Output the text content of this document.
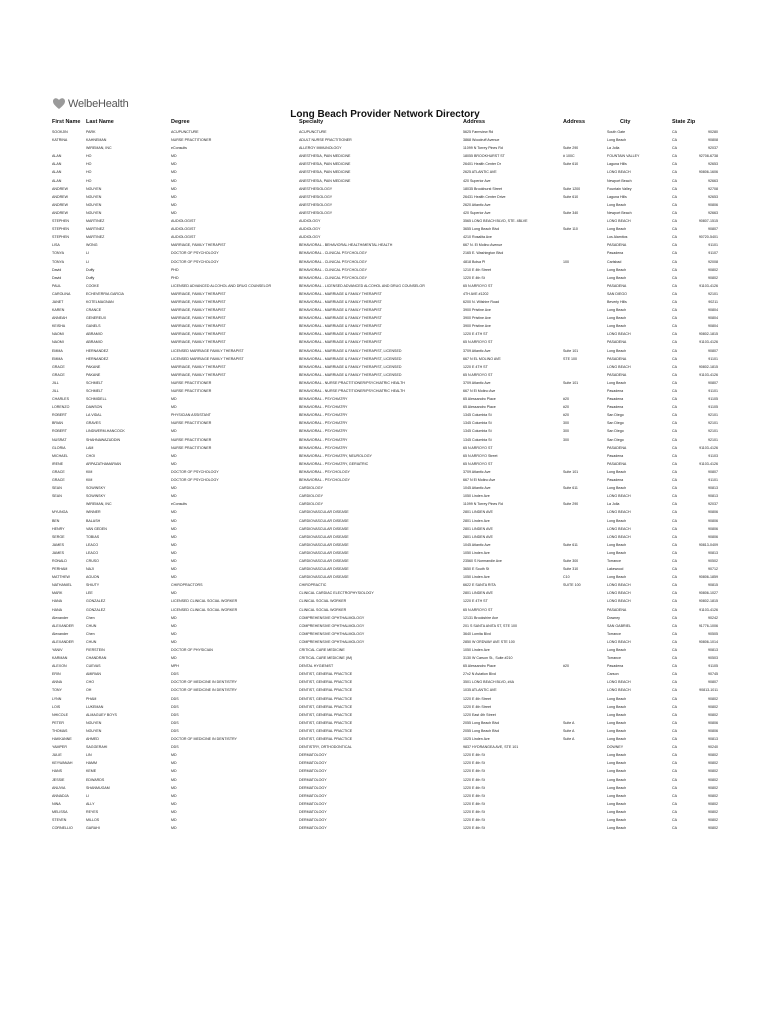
WelbeHealth
Long Beach Provider Network Directory
First Name Last Name	Degree	Specialty	Address	Address	City	State Zip
SOOKJIN	PARK	ACUPUNCTURE	ACUPUNCTURE	5625 Farmview Rd	South Gate	CA	90280
KATRINA	KAHNEMAN	NURSE PRACTITIONER	ADULT NURSE PRACTITIONER	3868 Woodruff Avenue	Long Beach	CA	90808
WIREMAN, INC	eConsults	ALLERGY IMMUNOLOGY	11099 N Torrey Pines Rd	Suite 290	La Jolla	CA	92037
ALAN	HO	MD	ANESTHESIA, PAIN MEDICINE	18055 BROOKHURST ST	# 100C	FOUNTAIN VALLEY	CA	92708-6738
ALAN	HO	MD	ANESTHESIA, PAIN MEDICINE	26401 Health Center Dr	Suite 610	Laguna Hills	CA	92653
ALAN	HO	MD	ANESTHESIA, PAIN MEDICINE	2625 ATLANTIC AVE	LONG BEACH	CA	90806-1606
ALAN	HO	MD	ANESTHESIA, PAIN MEDICINE	420 Superior Ave	Newport Beach	CA	92663
ANDREW	NGUYEN	MD	ANESTHESIOLOGY	18035 Brookhurst Street	Suite 1200	Fountain Valley	CA	92708
ANDREW	NGUYEN	MD	ANESTHESIOLOGY	26431 Health Center Drive	Suite 610	Laguna Hills	CA	92653
ANDREW	NGUYEN	MD	ANESTHESIOLOGY	2620 Atlantic Ave	Long Beach	CA	90806
ANDREW	NGUYEN	MD	ANESTHESIOLOGY	420 Superior Ave	Suite 340	Newport Beach	CA	92663
STEPHEN	MARTINEZ	AUDIOLOGIST	AUDIOLOGY	3565 LONG BEACH BLVD, STE. 4BLVE	LONG BEACH	CA	90807-1515
STEPHEN	MARTINEZ	AUDIOLOGIST	AUDIOLOGY	3655 Long Beach Blvd	Suite 110	Long Beach	CA	90807
STEPHEN	MARTINEZ	AUDIOLOGIST	AUDIOLOGY	4210 Rosalita Ave	Los Alamitos	CA	90720-5401
LISA	WONG	MARRIAGE, FAMILY THERAPIST	BEHAVIORAL - BEHAVIORAL HEALTH/MENTAL HEALTH	667 N. El Molino Avenue	PASADENA	CA	91101
TONYA	LI	DOCTOR OF PSYCHOLOGY	BEHAVIORAL - CLINICAL PSYCHOLOGY	2165 E. Washington Blvd	Pasadena	CA	91107
TONYA	LI	DOCTOR OF PSYCHOLOGY	BEHAVIORAL - CLINICAL PSYCHOLOGY	4818 Bolsa Pl	100	Carlsbad	CA	92008
David	Duffy	PHD	BEHAVIORAL - CLINICAL PSYCHOLOGY	1210 E 4th Street	Long Beach	CA	90802
David	Duffy	PHD	BEHAVIORAL - CLINICAL PSYCHOLOGY	1220 E 4th St	Long Beach	CA	90802
PAUL	COOKE	LICENSED ADVANCED ALCOHOL AND DRUG COUNSELOR	BEHAVIORAL - LICENSED ADVANCED ALCOHOL AND DRUG COUNSELOR	65 N ARROYO ST	PASADENA	CA	91103-4126
CAROLINA	ECHEVERRIA GARCIA	MARRIAGE, FAMILY THERAPIST	BEHAVIORAL - MARRIAGE & FAMILY THERAPIST	4TH AVE #1202	SAN DIEGO	CA	92101
JANET	KOTELMAGNAN	MARRIAGE, FAMILY THERAPIST	BEHAVIORAL - MARRIAGE & FAMILY THERAPIST	6200 N. Wilshire Road	Beverly Hills	CA	90211
KAREN	CRANCE	MARRIAGE, FAMILY THERAPIST	BEHAVIORAL - MARRIAGE & FAMILY THERAPIST	3900 Pristine Ave	Long Beach	CA	90804
ANNEAH	GENEREUX	MARRIAGE, FAMILY THERAPIST	BEHAVIORAL - MARRIAGE & FAMILY THERAPIST	3900 Pristine Ave	Long Beach	CA	90804
KEISHA	GANELS	MARRIAGE, FAMILY THERAPIST	BEHAVIORAL - MARRIAGE & FAMILY THERAPIST	3900 Pristine Ave	Long Beach	CA	90804
NAOMI	ABRAMIO	MARRIAGE, FAMILY THERAPIST	BEHAVIORAL - MARRIAGE & FAMILY THERAPIST	1220 E 4TH ST	LONG BEACH	CA	90802-1815
NAOMI	ABRAMIO	MARRIAGE, FAMILY THERAPIST	BEHAVIORAL - MARRIAGE & FAMILY THERAPIST	65 N ARROYO ST	PASADENA	CA	91103-4126
EMMA	HERNANDEZ	LICENSED MARRIAGE FAMILY THERAPIST	BEHAVIORAL - MARRIAGE & FAMILY THERAPIST, LICENSED	3709 Atlantic Ave	Suite 101	Long Beach	CA	90807
EMMA	HERNANDEZ	LICENSED MARRIAGE FAMILY THERAPIST	BEHAVIORAL - MARRIAGE & FAMILY THERAPIST, LICENSED	667 N EL MOLINO AVE	STE 100	PASADENA	CA	91101
GRACE	PAKANE	MARRIAGE, FAMILY THERAPIST	BEHAVIORAL - MARRIAGE & FAMILY THERAPIST, LICENSED	1220 E 4TH ST	LONG BEACH	CA	90802-1815
GRACE	PAKANE	MARRIAGE, FAMILY THERAPIST	BEHAVIORAL - MARRIAGE & FAMILY THERAPIST, LICENSED	65 N ARROYO ST	PASADENA	CA	91103-4126
JILL	SCHMELT	NURSE PRACTITIONER	BEHAVIORAL - NURSE PRACTITIONER/PSYCHIATRIC HEALTH	3709 Atlantic Ave	Suite 101	Long Beach	CA	90807
JILL	SCHMELT	NURSE PRACTITIONER	BEHAVIORAL - NURSE PRACTITIONER/PSYCHIATRIC HEALTH	667 N El Molino Ave	Pasadena	CA	91101
CHARLES	SCHMIDELL	MD	BEHAVIORAL - PSYCHIATRY	65 Alessandro Place	#20	Pasadena	CA	91105
LORENZO	DAWSON	MD	BEHAVIORAL - PSYCHIATRY	65 Alessandro Place	#20	Pasadena	CA	91105
ROBERT	LA VIDAL	PHYSICIAN ASSISTANT	BEHAVIORAL - PSYCHIATRY	1345 Columbia St	#20	San Diego	CA	92101
BRIAN	GRAVES	NURSE PRACTITIONER	BEHAVIORAL - PSYCHIATRY	1345 Columbia St	300	San Diego	CA	92101
ROBERT	LINDWERM-HANCOCK	MD	BEHAVIORAL - PSYCHIATRY	1345 Columbia St	300	San Diego	CA	92101
NUSRAT	SHAHNAWAZUDDIN	NURSE PRACTITIONER	BEHAVIORAL - PSYCHIATRY	1345 Columbia St	300	San Diego	CA	92101
GLORIA	LAM	NURSE PRACTITIONER	BEHAVIORAL - PSYCHIATRY	65 N ARROYO ST	PASADENA	CA	91103-4126
MICHAEL	CHOI	MD	BEHAVIORAL - PSYCHIATRY, NEUROLOGY	65 N ARROYO Street	Pasadena	CA	91103
IRENE	ARPAZATHAMARIAN	MD	BEHAVIORAL - PSYCHIATRY, GERIATRIC	65 N ARROYO ST	PASADENA	CA	91103-4126
GRACE	KIM	DOCTOR OF PSYCHOLOGY	BEHAVIORAL - PSYCHOLOGY	3709 Atlantic Ave	Suite 101	Long Beach	CA	90807
GRACE	KIM	DOCTOR OF PSYCHOLOGY	BEHAVIORAL - PSYCHOLOGY	667 N El Molino Ave	Pasadena	CA	91101
SEAN	SOWINSKY	MD	CARDIOLOGY	1045 Atlantic Ave	Suite 611	Long Beach	CA	90813
SEAN	SOWINSKY	MD	CARDIOLOGY	1050 Linden Ave	LONG BEACH	CA	90813
WIREMAN, INC	eConsults	CARDIOLOGY	11099 N Torrey Pines Rd	Suite 290	La Jolla	CA	92037
MYUNGA	WINNER	MD	CARDIOVASCULAR DISEASE	2801 LINDEN AVE	LONG BEACH	CA	90806
BEN	BALASH	MD	CARDIOVASCULAR DISEASE	2801 Linden Ave	Long Beach	CA	90806
HENRY	VAN GEDEN	MD	CARDIOVASCULAR DISEASE	2801 LINDEN AVE	LONG BEACH	CA	90806
SERGE	TOBIAS	MD	CARDIOVASCULAR DISEASE	2801 LINDEN AVE	LONG BEACH	CA	90806
JAMES	LEACO	MD	CARDIOVASCULAR DISEASE	1045 Atlantic Ave	Suite 611	Long Beach	CA	90813-0409
JAMES	LEACO	MD	CARDIOVASCULAR DISEASE	1050 Linden Ave	Long Beach	CA	90813
RONALD	CRUSO	MD	CARDIOVASCULAR DISEASE	23560 S Normandie Ave	Suite 300	Torrance	CA	90502
PERHAM	NAJI	MD	CARDIOVASCULAR DISEASE	3650 E South St	Suite 310	Lakewood	CA	90712
MATTHEW	AGUON	MD	CARDIOVASCULAR DISEASE	1050 Linden Ave	C10	Long Beach	CA	90806-1859
NATHANIEL	SHIUTY	CHIROPRACTORS	CHIROPRACTIC	6622 E SANTA RITA	SUITE 100	LONG BEACH	CA	90815
MARK	LEE	MD	CLINICAL CARDIAC ELECTROPHYSIOLOGY	2801 LINDEN AVE	LONG BEACH	CA	90806-1027
HANA	GONZALEZ	LICENSED CLINICAL SOCIAL WORKER	CLINICAL SOCIAL WORKER	1220 E 4TH ST	LONG BEACH	CA	90802-1815
HANA	GONZALEZ	LICENSED CLINICAL SOCIAL WORKER	CLINICAL SOCIAL WORKER	65 N ARROYO ST	PASADENA	CA	91103-4126
Alexander	Chen	MD	COMPREHENSIVE OPHTHALMOLOGY	12131 Brookshire Ave	Downey	CA	90242
ALEXANDER	CHUN	MD	COMPREHENSIVE OPHTHALMOLOGY	201 S SANTA ANITA ST, STE 100	SAN GABRIEL	CA	91776-1006
Alexander	Chen	MD	COMPREHENSIVE OPHTHALMOLOGY	3640 Lomita Blvd	Torrance	CA	90505
ALEXANDER	CHUN	MD	COMPREHENSIVE OPHTHALMOLOGY	2850 W ORDWAY AVE STE 100	LONG BEACH	CA	90806-1014
YANIV	FIERSTEIN	DOCTOR OF PHYSICIAN	CRITICAL CARE MEDICINE	1050 Linden Ave	Long Beach	CA	90813
KARMAN	CHANDRAN	MD	CRITICAL CARE MEDICINE (IM)	3130 W Carson St., Suite #210	Torrance	CA	90503
ALEXON	CUEVAS	MPH	DENTAL HYGIENIST	65 Alessandro Place	#20	Pasadena	CA	91105
ERIN	AMIRIAN	DDS	DENTIST, GENERAL PRACTICE	27x2 N Aviation Blvd	Carson	CA	90745
ANNA	CHO	DOCTOR OF MEDICINE IN DENTISTRY	DENTIST, GENERAL PRACTICE	3501 LONG BEACH BLVD, #4A	LONG BEACH	CA	90807
TONY	OH	DOCTOR OF MEDICINE IN DENTISTRY	DENTIST, GENERAL PRACTICE	1035 ATLANTIC AVE	LONG BEACH	CA	90813-1011
LYNN	PHAM	DDS	DENTIST, GENERAL PRACTICE	1220 E 4th Street	Long Beach	CA	90802
LOIS	LUKEMAN	DDS	DENTIST, GENERAL PRACTICE	1220 E 4th Street	Long Beach	CA	90802
NHICOLE	ALMAGUEY BOYS	DDS	DENTIST, GENERAL PRACTICE	1220 East 4th Street	Long Beach	CA	90802
PETER	NGUYEN	DDS	DENTIST, GENERAL PRACTICE	2055 Long Beach Blvd	Suite A	Long Beach	CA	90806
THOMAS	NGUYEN	DDS	DENTIST, GENERAL PRACTICE	2055 Long Beach Blvd	Suite A	Long Beach	CA	90806
HAKKANNE	AHMED	DOCTOR OF MEDICINE IN DENTISTRY	DENTIST, GENERAL PRACTICE	1025 Linden Ave	Suite A	Long Beach	CA	90813
YAMPER	SAGGERAHI	DDS	DENTISTRY, ORTHODONTICAL	9837 HYDRANGEA AVE, STE 101	DOWNEY	CA	90240
JULIE	LIN	MD	DERMATOLOGY	1220 E 4th St	Long Beach	CA	90802
KEYWANAH	HAMM	MD	DERMATOLOGY	1220 E 4th St	Long Beach	CA	90802
HANS	KEME	MD	DERMATOLOGY	1220 E 4th St	Long Beach	CA	90802
JESSIE	EDWARDS	MD	DERMATOLOGY	1220 E 4th St	Long Beach	CA	90802
ANUVIA	SHANMUGAM	MD	DERMATOLOGY	1220 E 4th St	Long Beach	CA	90802
ANNADJA	LI	MD	DERMATOLOGY	1220 E 4th St	Long Beach	CA	90802
NINA	ALLY	MD	DERMATOLOGY	1220 E 4th St	Long Beach	CA	90802
MELISSA	REYES	MD	DERMATOLOGY	1220 E 4th St	Long Beach	CA	90802
STEVEN	MILLOS	MD	DERMATOLOGY	1220 E 4th St	Long Beach	CA	90802
CORNELLIO	GARAHI	MD	DERMATOLOGY	1220 E 4th St	Long Beach	CA	90802
